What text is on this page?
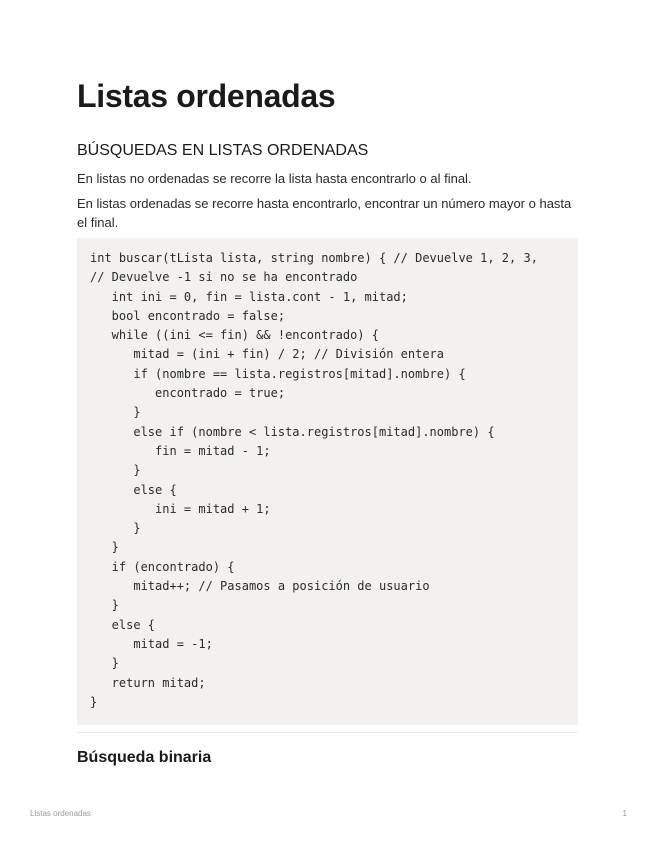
Listas ordenadas
BÚSQUEDAS EN LISTAS ORDENADAS

En listas no ordenadas se recorre la lista hasta encontrarlo o al final.

En listas ordenadas se recorre hasta encontrarlo, encontrar un número mayor o hasta el final.

int buscar(tLista lista, string nombre) { // Devuelve 1, 2, 3,
// Devuelve -1 si no se ha encontrado
int ini = 0, fin = lista.cont - 1, mitad;
bool encontrado = false;
while ((ini <= fin) && !encontrado) {
mitad = (ini + fin) / 2; // División entera
if (nombre == lista.registros[mitad].nombre) {
encontrado = true;
}
else if (nombre < lista.registros[mitad].nombre) {
fin = mitad - 1;
}
else {
ini = mitad + 1;
}
}
if (encontrado) {
mitad++; // Pasamos a posición de usuario
}
else {
mitad = -1;
}
return mitad;
}
Búsqueda binaria
Listas ordenadas	1
